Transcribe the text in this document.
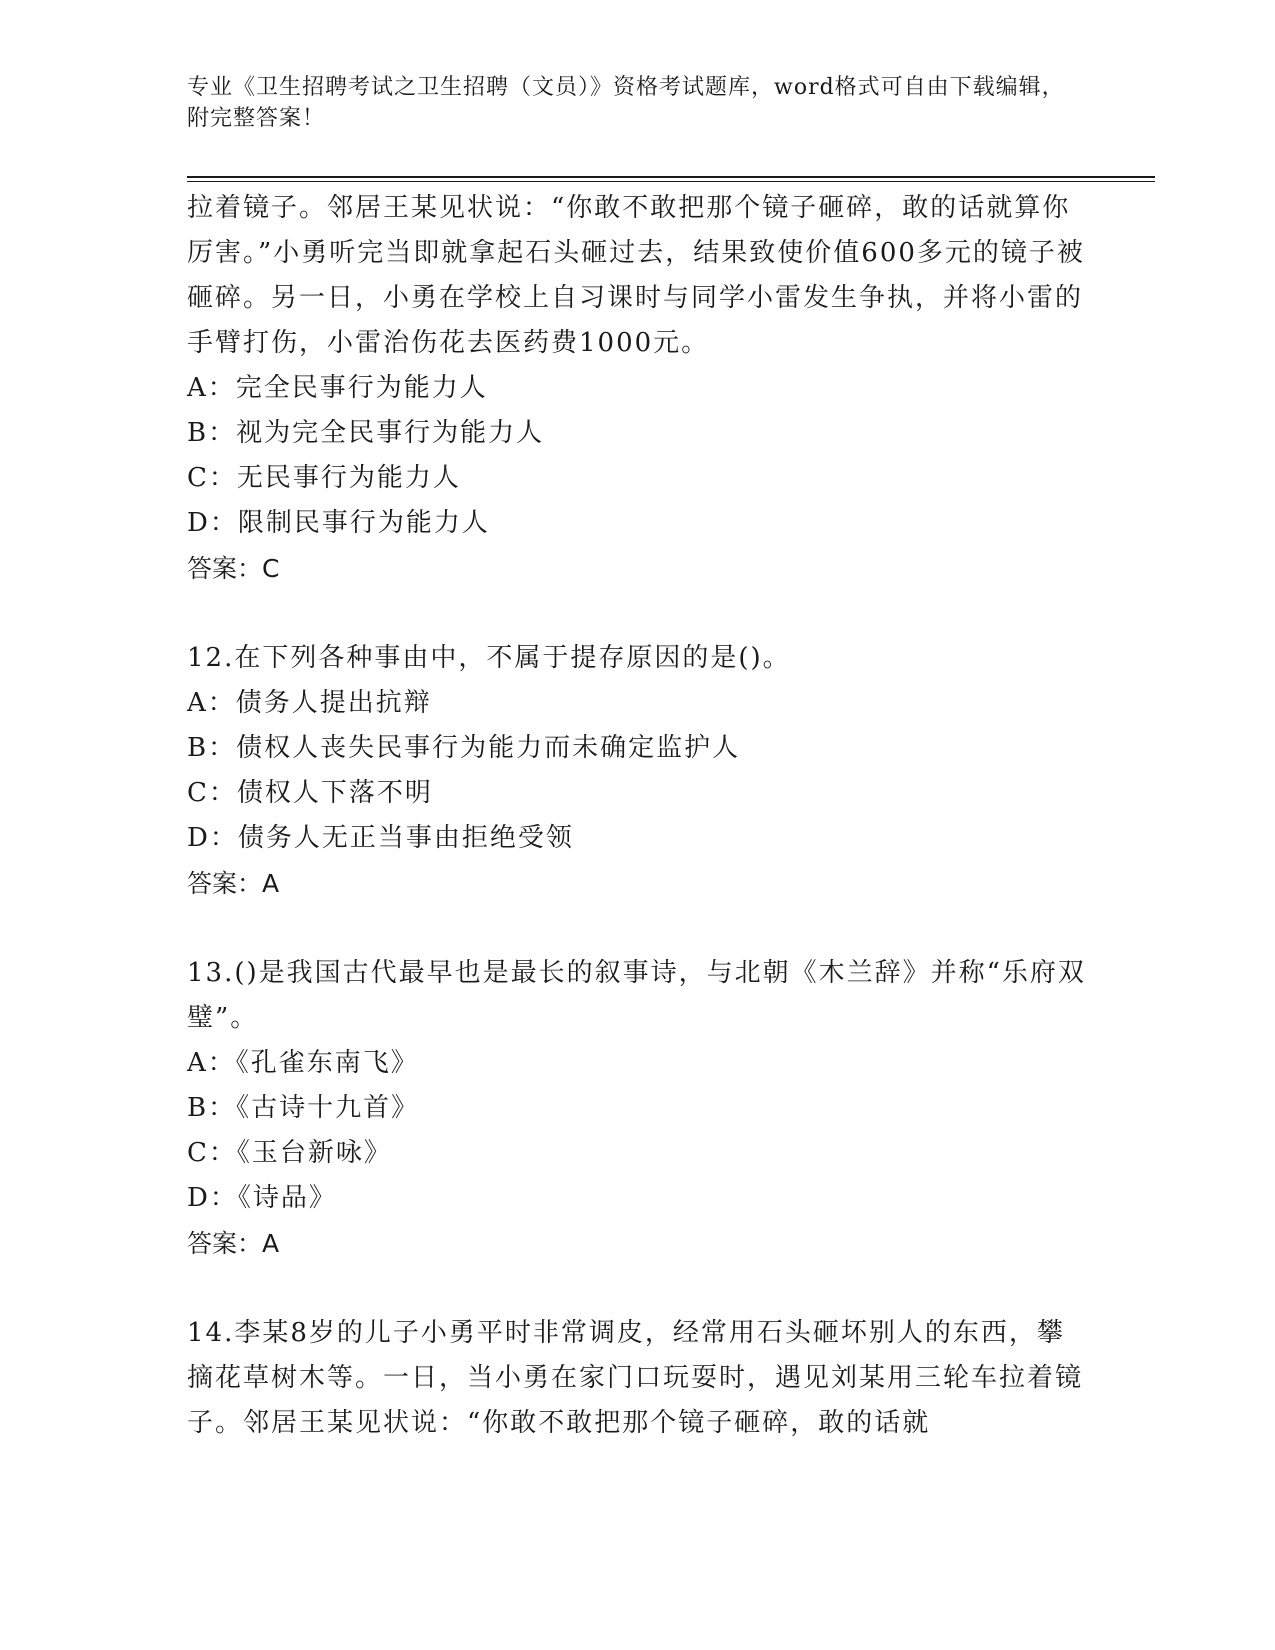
专业《卫生招聘考试之卫生招聘（文员）》资格考试题库，word格式可自由下载编辑，附完整答案！

拉着镜子。邻居王某见状说：“你敢不敢把那个镜子砸碎，敢的话就算你厉害。”小勇听完当即就拿起石头砸过去，结果致使价值600多元的镜子被砸碎。另一日，小勇在学校上自习课时与同学小雷发生争执，并将小雷的手臂打伤，小雷治伤花去医药费1000元。

A：完全民事行为能力人

B：视为完全民事行为能力人

C：无民事行为能力人

D：限制民事行为能力人

答案：C

12.在下列各种事由中，不属于提存原因的是()。

A：债务人提出抗辩

B：债权人丧失民事行为能力而未确定监护人

C：债权人下落不明

D：债务人无正当事由拒绝受领

答案：A

13.()是我国古代最早也是最长的叙事诗，与北朝《木兰辞》并称“乐府双璧”。

A：《孔雀东南飞》

B：《古诗十九首》

C：《玉台新咏》

D：《诗品》

答案：A

14.李某8岁的儿子小勇平时非常调皮，经常用石头砸坏别人的东西，攀摘花草树木等。一日，当小勇在家门口玩耍时，遇见刘某用三轮车拉着镜子。邻居王某见状说：“你敢不敢把那个镜子砸碎，敢的话就
